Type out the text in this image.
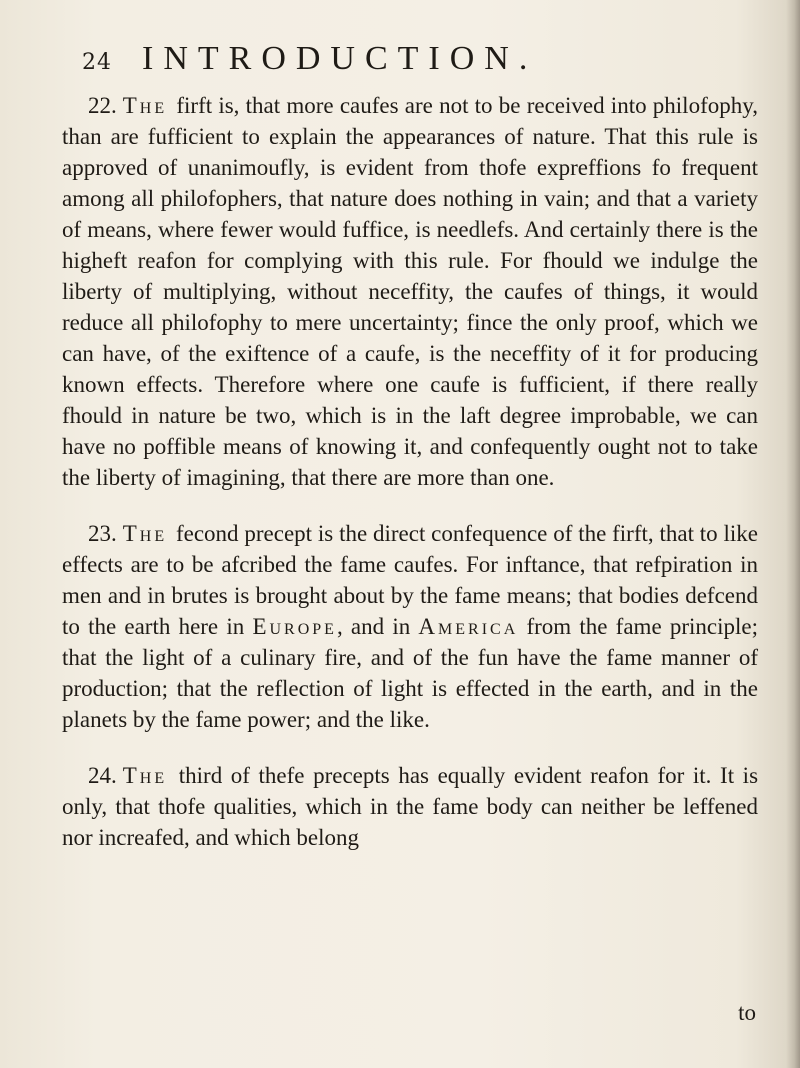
24 INTRODUCTION.

22. The firft is, that more caufes are not to be received into philofophy, than are fufficient to explain the appearances of nature. That this rule is approved of unanimoufly, is evident from thofe expreffions fo frequent among all philofophers, that nature does nothing in vain; and that a variety of means, where fewer would fuffice, is needlefs. And certainly there is the higheft reafon for complying with this rule. For fhould we indulge the liberty of multiplying, without neceffity, the caufes of things, it would reduce all philofophy to mere uncertainty; fince the only proof, which we can have, of the exiftence of a caufe, is the neceffity of it for producing known effects. Therefore where one caufe is fufficient, if there really fhould in nature be two, which is in the laft degree improbable, we can have no poffible means of knowing it, and confequently ought not to take the liberty of imagining, that there are more than one.

23. The fecond precept is the direct confequence of the firft, that to like effects are to be afcribed the fame caufes. For inftance, that refpiration in men and in brutes is brought about by the fame means; that bodies defcend to the earth here in Europe, and in America from the fame principle; that the light of a culinary fire, and of the fun have the fame manner of production; that the reflection of light is effected in the earth, and in the planets by the fame power; and the like.

24. The third of thefe precepts has equally evident reafon for it. It is only, that thofe qualities, which in the fame body can neither be leffened nor increafed, and which belong

to
